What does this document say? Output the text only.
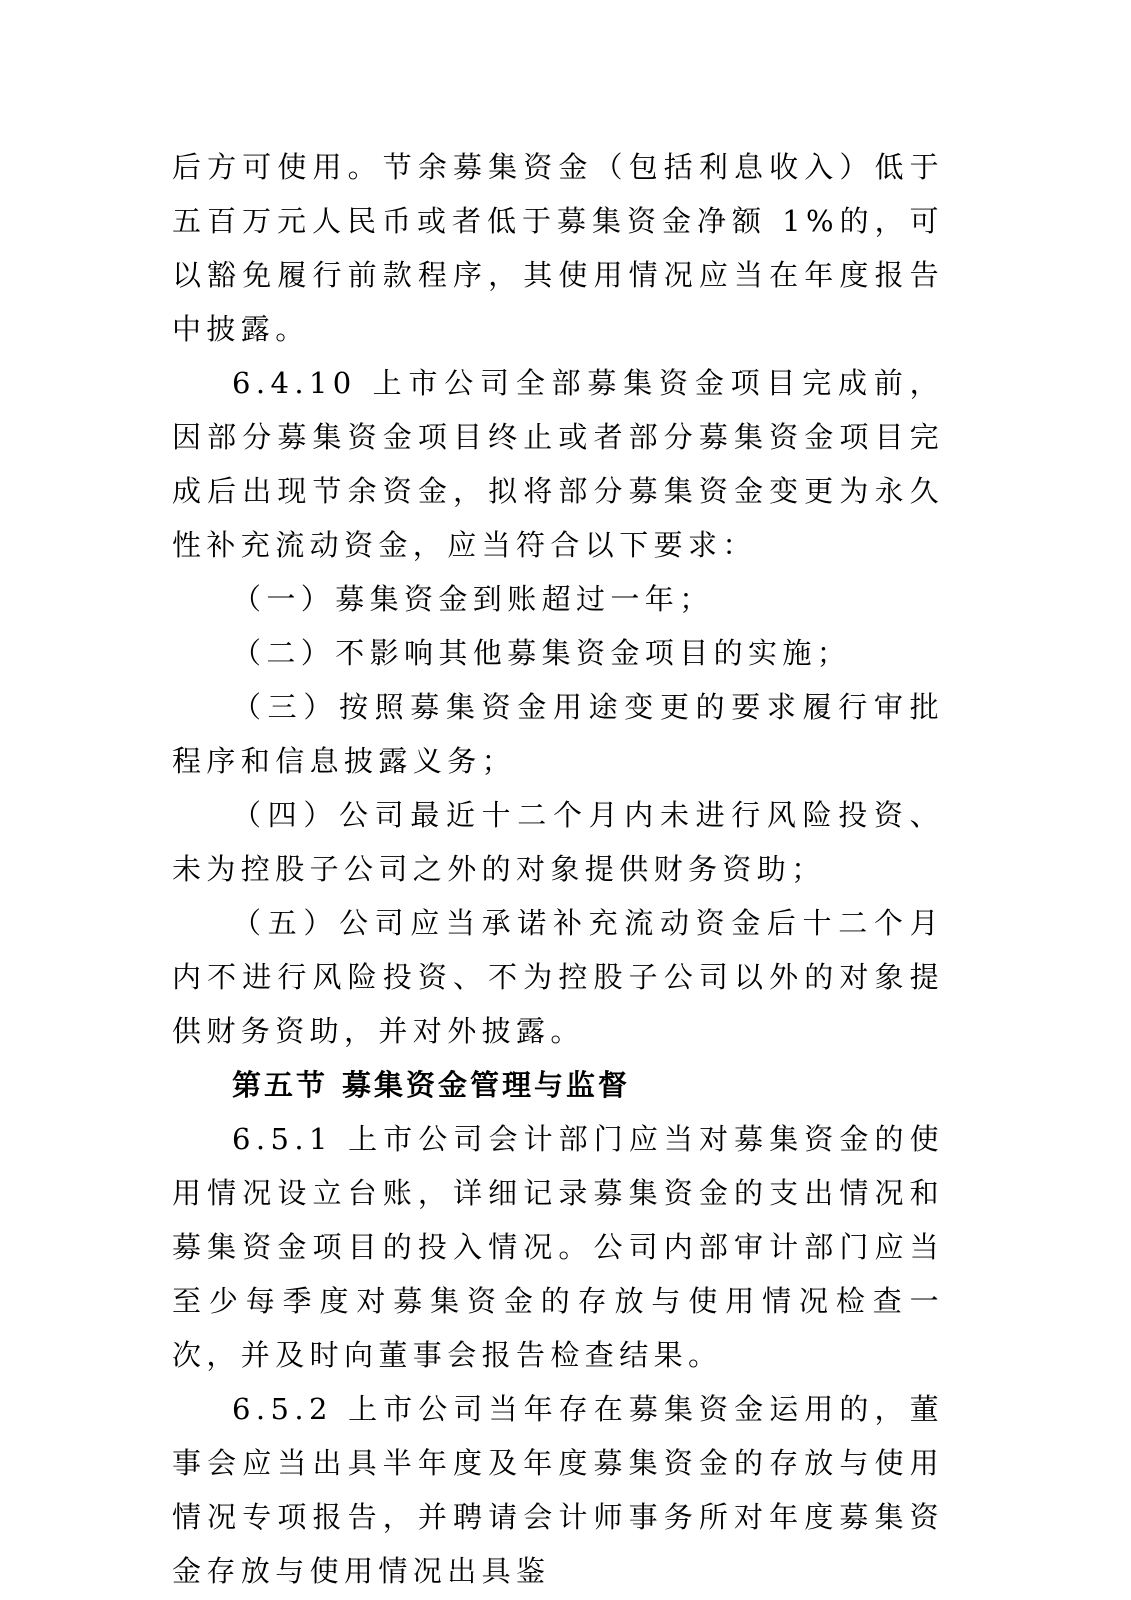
后方可使用。节余募集资金（包括利息收入）低于五百万元人民币或者低于募集资金净额 1%的，可以豁免履行前款程序，其使用情况应当在年度报告中披露。

6.4.10 上市公司全部募集资金项目完成前，因部分募集资金项目终止或者部分募集资金项目完成后出现节余资金，拟将部分募集资金变更为永久性补充流动资金，应当符合以下要求：

（一）募集资金到账超过一年；

（二）不影响其他募集资金项目的实施；

（三）按照募集资金用途变更的要求履行审批程序和信息披露义务；

（四）公司最近十二个月内未进行风险投资、未为控股子公司之外的对象提供财务资助；

（五）公司应当承诺补充流动资金后十二个月内不进行风险投资、不为控股子公司以外的对象提供财务资助，并对外披露。

第五节 募集资金管理与监督

6.5.1 上市公司会计部门应当对募集资金的使用情况设立台账，详细记录募集资金的支出情况和募集资金项目的投入情况。公司内部审计部门应当至少每季度对募集资金的存放与使用情况检查一次，并及时向董事会报告检查结果。

6.5.2 上市公司当年存在募集资金运用的，董事会应当出具半年度及年度募集资金的存放与使用情况专项报告，并聘请会计师事务所对年度募集资金存放与使用情况出具鉴
